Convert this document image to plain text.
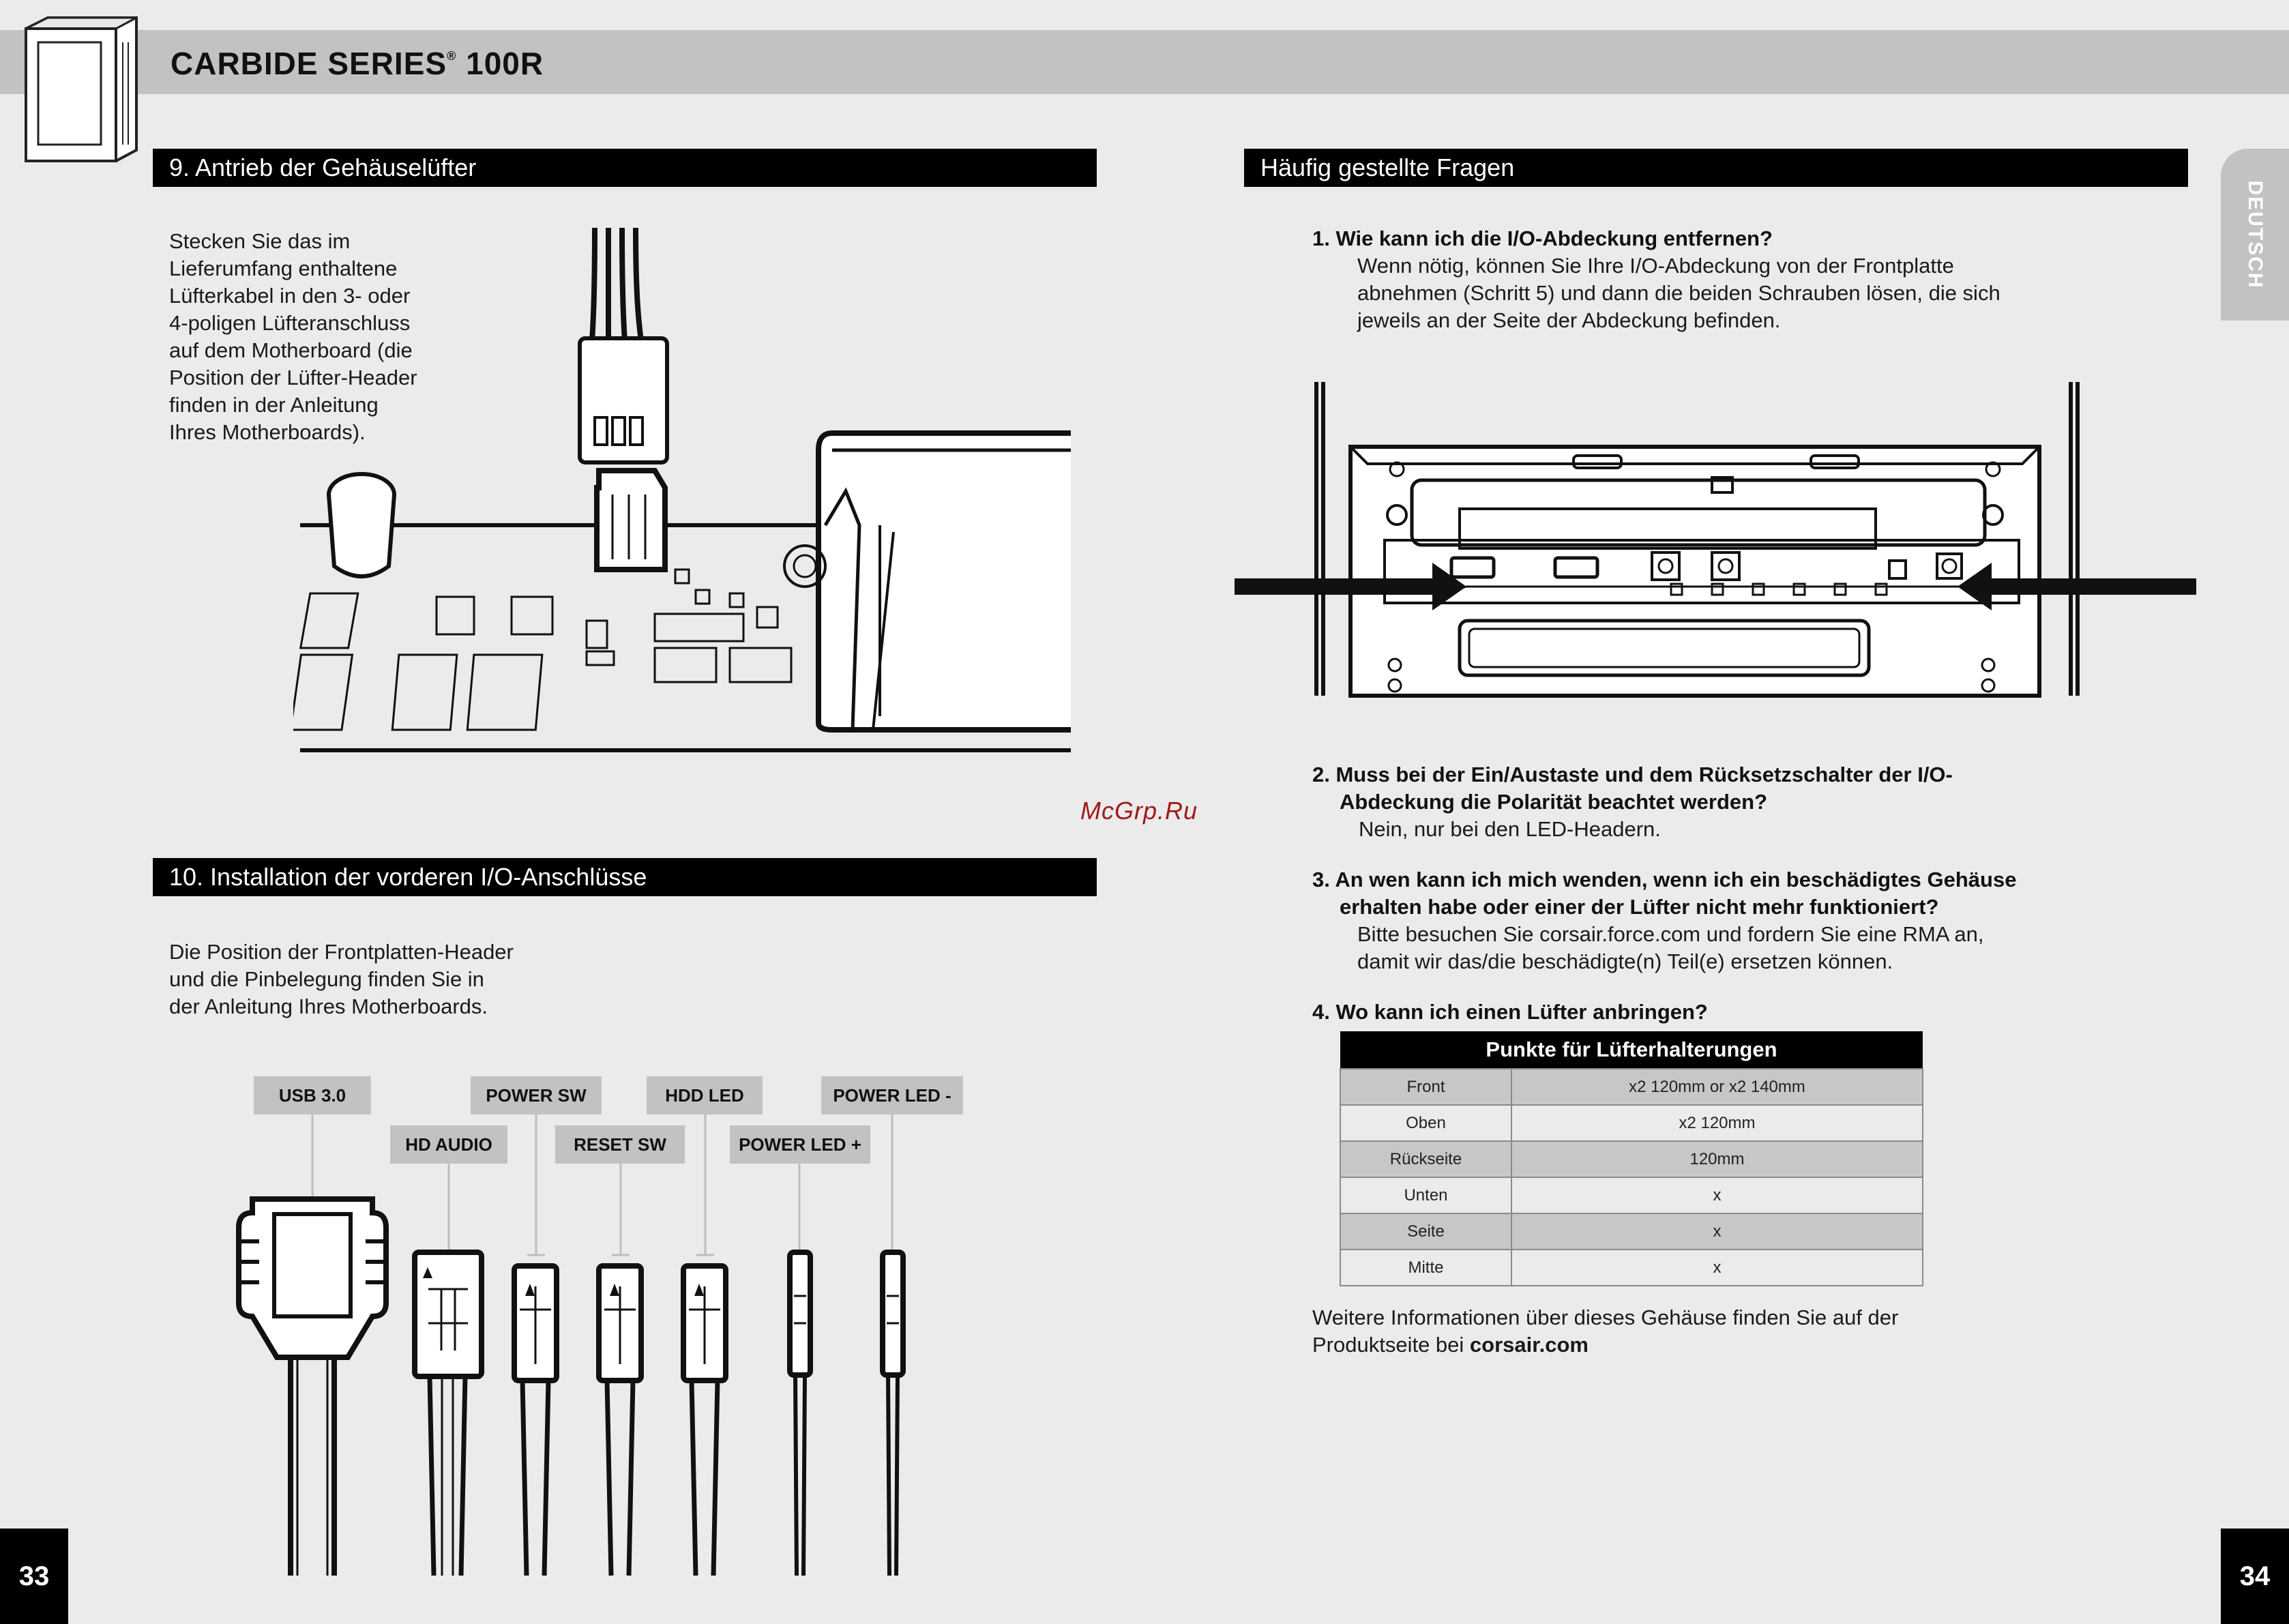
CARBIDE SERIES® 100R
DEUTSCH
9. Antrieb der Gehäuselüfter
Stecken Sie das im
Lieferumfang enthaltene
Lüfterkabel in den 3- oder
4-poligen Lüfteranschluss
auf dem Motherboard (die
Position der Lüfter-Header
finden in der Anleitung
Ihres Motherboards).
McGrp.Ru
10. Installation der vorderen I/O-Anschlüsse
Die Position der Frontplatten-Header
und die Pinbelegung finden Sie in
der Anleitung Ihres Motherboards.
USB 3.0
HD AUDIO
POWER SW
RESET SW
HDD LED
POWER LED +
POWER LED -
33
Häufig gestellte Fragen
1. Wie kann ich die I/O-Abdeckung entfernen?
Wenn nötig, können Sie Ihre I/O-Abdeckung von der Frontplatte
abnehmen (Schritt 5) und dann die beiden Schrauben lösen, die sich
jeweils an der Seite der Abdeckung befinden.
2. Muss bei der Ein/Austaste und dem Rücksetzschalter der I/O-
Abdeckung die Polarität beachtet werden?
Nein, nur bei den LED-Headern.
3. An wen kann ich mich wenden, wenn ich ein beschädigtes Gehäuse
erhalten habe oder einer der Lüfter nicht mehr funktioniert?
Bitte besuchen Sie corsair.force.com und fordern Sie eine RMA an,
damit wir das/die beschädigte(n) Teil(e) ersetzen können.
4. Wo kann ich einen Lüfter anbringen?
Punkte für Lüfterhalterungen	
Front	x2 120mm or x2 140mm
Oben	x2 120mm
Rückseite	120mm
Unten	x
Seite	x
Mitte	x
Weitere Informationen über dieses Gehäuse finden Sie auf der
Produktseite bei corsair.com
34
